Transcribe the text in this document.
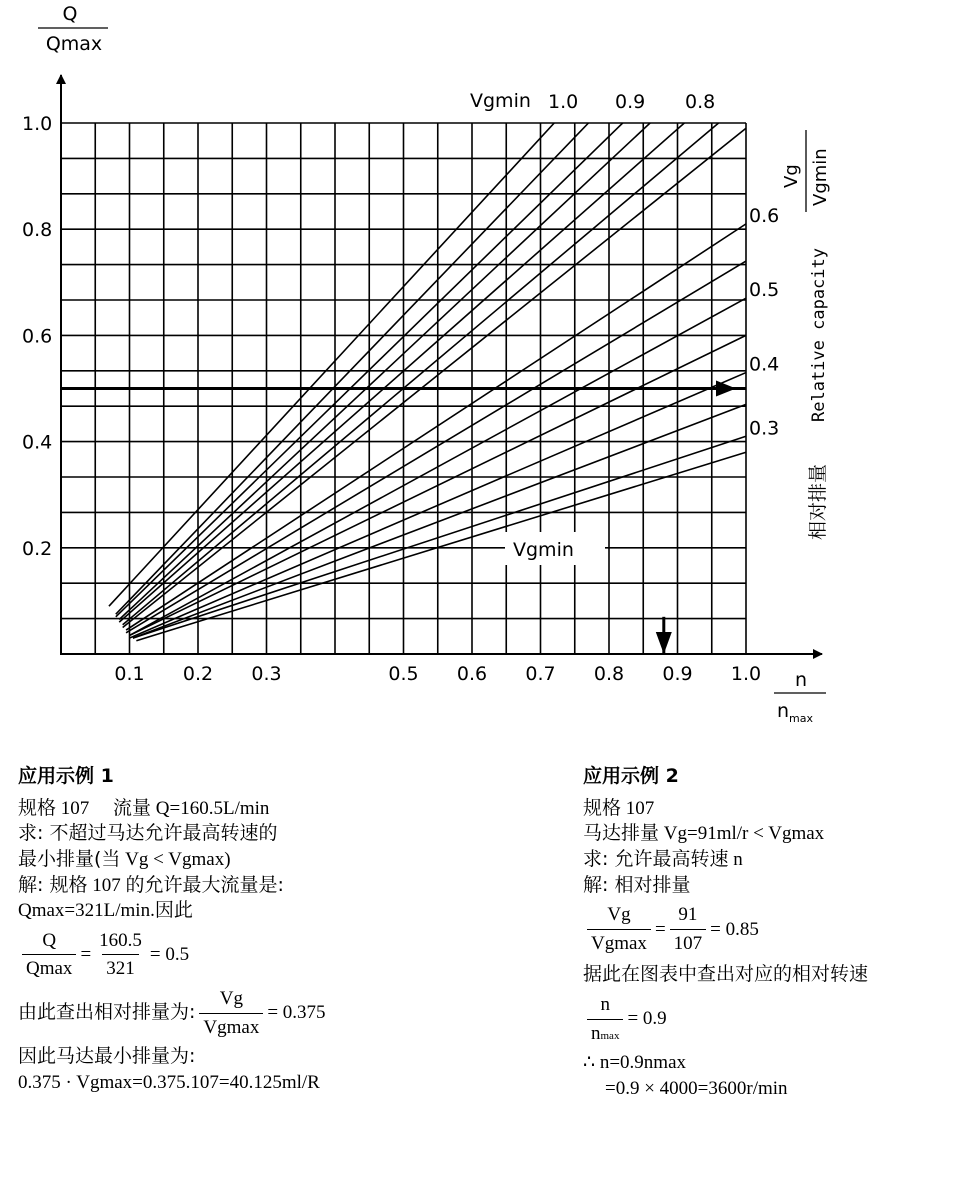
Q
Qmax
0.2
0.4
0.6
0.8
1.0
0.1 0.2 0.3	0.5 0.6 0.7 0.8 0.9 1.0 n
$n_{max}$
Vgmin 1.0 0.9 0.8
Vgmin
0.6
0.5
0.4
0.3
Vg Vgmin
Relative capacity
相对排量
应用示例 1
规格 107 流量 Q=160.5L/min
求: 不超过马达允许最高转速的
最小排量(当 Vg < Vgmax)
解: 规格 107 的允许最大流量是:
Qmax=321L/min.因此
$\frac{Q}{Qmax} = \frac{160.5}{321} = 0.5$
由此查出相对排量为: $\frac{Vg}{Vgmax} = 0.375$
因此马达最小排量为:
0.375 · Vgmax=0.375.107=40.125ml/R
应用示例 2
规格 107
马达排量 Vg=91ml/r < Vgmax
求: 允许最高转速 n
解: 相对排量
$\frac{Vg}{Vgmax} = \frac{91}{107} = 0.85$
据此在图表中查出对应的相对转速
$\frac{n}{nmax} = 0.9$
∴ n=0.9nmax
=0.9 × 4000=3600r/min
